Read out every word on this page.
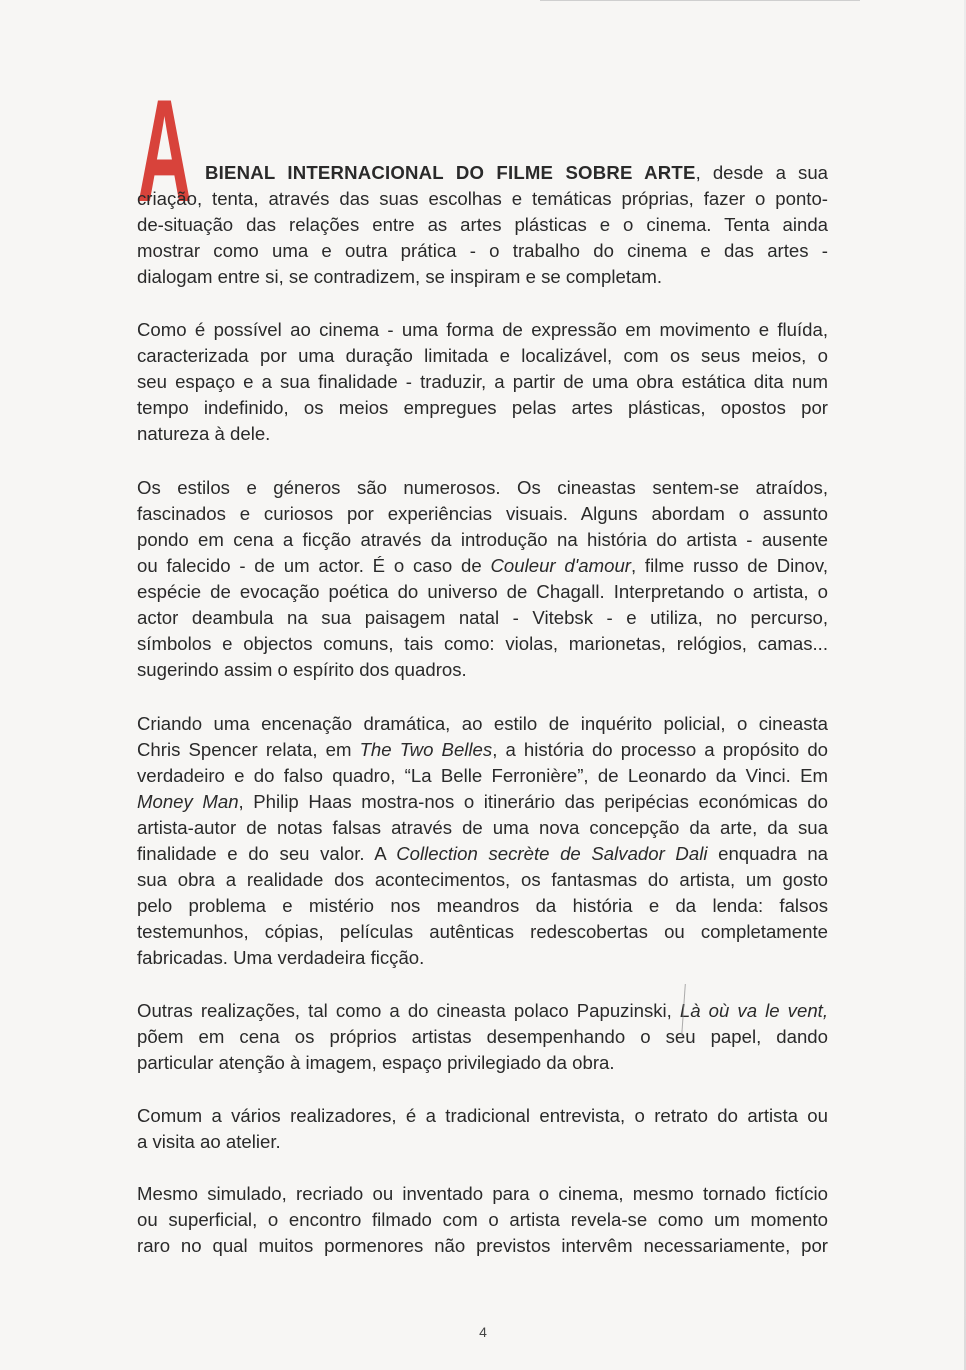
A BIENAL INTERNACIONAL DO FILME SOBRE ARTE, desde a sua
criação, tenta, através das suas escolhas e temáticas próprias, fazer o ponto-
de-situação das relações entre as artes plásticas e o cinema. Tenta ainda
mostrar como uma e outra prática - o trabalho do cinema e das artes -
dialogam entre si, se contradizem, se inspiram e se completam.
Como é possível ao cinema - uma forma de expressão em movimento e fluída,
caracterizada por uma duração limitada e localizável, com os seus meios, o
seu espaço e a sua finalidade - traduzir, a partir de uma obra estática dita num
tempo indefinido, os meios empregues pelas artes plásticas, opostos por
natureza à dele.
Os estilos e géneros são numerosos. Os cineastas sentem-se atraídos,
fascinados e curiosos por experiências visuais. Alguns abordam o assunto
pondo em cena a ficção através da introdução na história do artista - ausente
ou falecido - de um actor. É o caso de Couleur d'amour, filme russo de Dinov,
espécie de evocação poética do universo de Chagall. Interpretando o artista, o
actor deambula na sua paisagem natal - Vitebsk - e utiliza, no percurso,
símbolos e objectos comuns, tais como: violas, marionetas, relógios, camas...
sugerindo assim o espírito dos quadros.
Criando uma encenação dramática, ao estilo de inquérito policial, o cineasta
Chris Spencer relata, em The Two Belles, a história do processo a propósito do
verdadeiro e do falso quadro, “La Belle Ferronière”, de Leonardo da Vinci. Em
Money Man, Philip Haas mostra-nos o itinerário das peripécias económicas do
artista-autor de notas falsas através de uma nova concepção da arte, da sua
finalidade e do seu valor. A Collection secrète de Salvador Dali enquadra na
sua obra a realidade dos acontecimentos, os fantasmas do artista, um gosto
pelo problema e mistério nos meandros da história e da lenda: falsos
testemunhos, cópias, películas autênticas redescobertas ou completamente
fabricadas. Uma verdadeira ficção.
Outras realizações, tal como a do cineasta polaco Papuzinski, Là où va le vent,
põem em cena os próprios artistas desempenhando o seu papel, dando
particular atenção à imagem, espaço privilegiado da obra.
Comum a vários realizadores, é a tradicional entrevista, o retrato do artista ou
a visita ao atelier.
Mesmo simulado, recriado ou inventado para o cinema, mesmo tornado fictício
ou superficial, o encontro filmado com o artista revela-se como um momento
raro no qual muitos pormenores não previstos intervêm necessariamente, por
4
